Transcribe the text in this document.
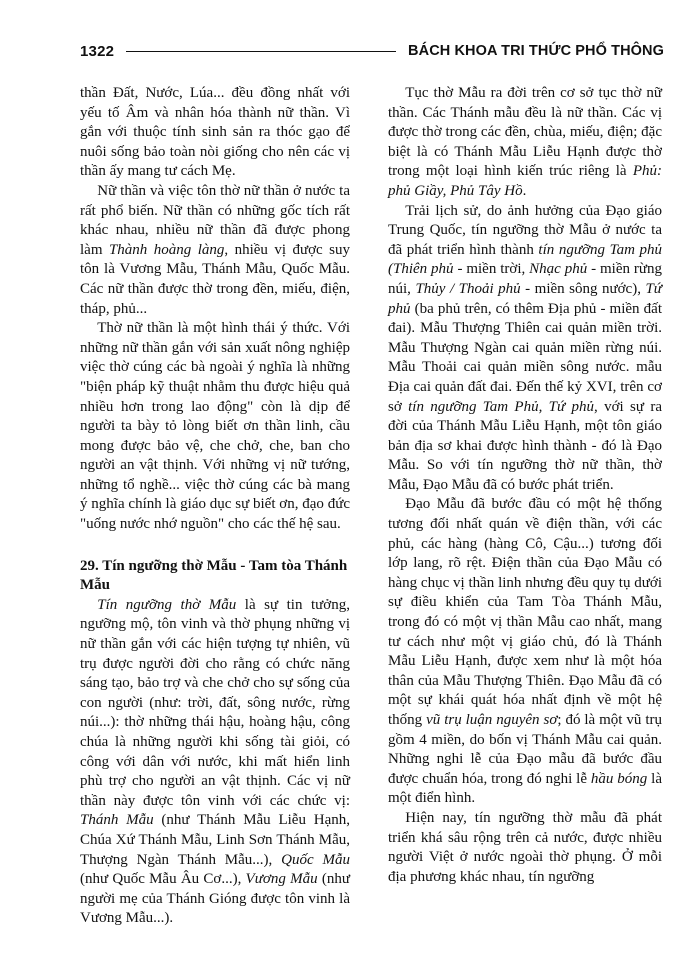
1322	BÁCH KHOA TRI THỨC PHỔ THÔNG

thần Đất, Nước, Lúa... đều đồng nhất với yếu tố Âm và nhân hóa thành nữ thần. Vì gắn với thuộc tính sinh sản ra thóc gạo để nuôi sống bảo toàn nòi giống cho nên các vị thần ấy mang tư cách Mẹ.

Nữ thần và việc tôn thờ nữ thần ở nước ta rất phổ biến. Nữ thần có những gốc tích rất khác nhau, nhiều nữ thần đã được phong làm Thành hoàng làng, nhiều vị được suy tôn là Vương Mẫu, Thánh Mẫu, Quốc Mẫu. Các nữ thần được thờ trong đền, miếu, điện, tháp, phủ...

Thờ nữ thần là một hình thái ý thức. Với những nữ thần gắn với sản xuất nông nghiệp việc thờ cúng các bà ngoài ý nghĩa là những "biện pháp kỹ thuật nhằm thu được hiệu quả nhiều hơn trong lao động" còn là dịp để người ta bày tỏ lòng biết ơn thần linh, cầu mong được bảo vệ, che chở, che, ban cho người an vật thịnh. Với những vị nữ tướng, những tổ nghề... việc thờ cúng các bà mang ý nghĩa chính là giáo dục sự biết ơn, đạo đức "uống nước nhớ nguồn" cho các thế hệ sau.

29. Tín ngưỡng thờ Mẫu - Tam tòa Thánh Mẫu

Tín ngưỡng thờ Mẫu là sự tin tưởng, ngưỡng mộ, tôn vinh và thờ phụng những vị nữ thần gắn với các hiện tượng tự nhiên, vũ trụ được người đời cho rằng có chức năng sáng tạo, bảo trợ và che chở cho sự sống của con người (như: trời, đất, sông nước, rừng núi...): thờ những thái hậu, hoàng hậu, công chúa là những người khi sống tài giỏi, có công với dân với nước, khi mất hiển linh phù trợ cho người an vật thịnh. Các vị nữ thần này được tôn vinh với các chức vị: Thánh Mẫu (như Thánh Mẫu Liễu Hạnh, Chúa Xứ Thánh Mẫu, Linh Sơn Thánh Mẫu, Thượng Ngàn Thánh Mẫu...), Quốc Mẫu (như Quốc Mẫu Âu Cơ...), Vương Mẫu (như người mẹ của Thánh Gióng được tôn vinh là Vương Mẫu...).

Tục thờ Mẫu ra đời trên cơ sở tục thờ nữ thần. Các Thánh mẫu đều là nữ thần. Các vị được thờ trong các đền, chùa, miếu, điện; đặc biệt là có Thánh Mẫu Liễu Hạnh được thờ trong một loại hình kiến trúc riêng là Phủ: phủ Giầy, Phủ Tây Hồ.

Trải lịch sử, do ảnh hưởng của Đạo giáo Trung Quốc, tín ngưỡng thờ Mẫu ở nước ta đã phát triển hình thành tín ngưỡng Tam phủ (Thiên phủ - miền trời, Nhạc phủ - miền rừng núi, Thủy / Thoải phủ - miền sông nước), Tứ phủ (ba phủ trên, có thêm Địa phủ - miền đất đai). Mẫu Thượng Thiên cai quản miền trời. Mẫu Thượng Ngàn cai quản miền rừng núi. Mẫu Thoải cai quản miền sông nước. mẫu Địa cai quản đất đai. Đến thế kỷ XVI, trên cơ sở tín ngưỡng Tam Phủ, Tứ phủ, với sự ra đời của Thánh Mẫu Liễu Hạnh, một tôn giáo bản địa sơ khai được hình thành - đó là Đạo Mẫu. So với tín ngưỡng thờ nữ thần, thờ Mẫu, Đạo Mẫu đã có bước phát triển.

Đạo Mẫu đã bước đầu có một hệ thống tương đối nhất quán về điện thần, với các phủ, các hàng (hàng Cô, Cậu...) tương đối lớp lang, rõ rệt. Điện thần của Đạo Mẫu có hàng chục vị thần linh nhưng đều quy tụ dưới sự điều khiển của Tam Tòa Thánh Mẫu, trong đó có một vị thần Mẫu cao nhất, mang tư cách như một vị giáo chủ, đó là Thánh Mẫu Liễu Hạnh, được xem như là một hóa thân của Mẫu Thượng Thiên. Đạo Mẫu đã có một sự khái quát hóa nhất định về một hệ thống vũ trụ luận nguyên sơ; đó là một vũ trụ gồm 4 miền, do bốn vị Thánh Mẫu cai quản. Những nghi lễ của Đạo mẫu đã bước đầu được chuẩn hóa, trong đó nghi lễ hầu bóng là một điển hình.

Hiện nay, tín ngưỡng thờ mẫu đã phát triển khá sâu rộng trên cả nước, được nhiều người Việt ở nước ngoài thờ phụng. Ở mỗi địa phương khác nhau, tín ngưỡng
